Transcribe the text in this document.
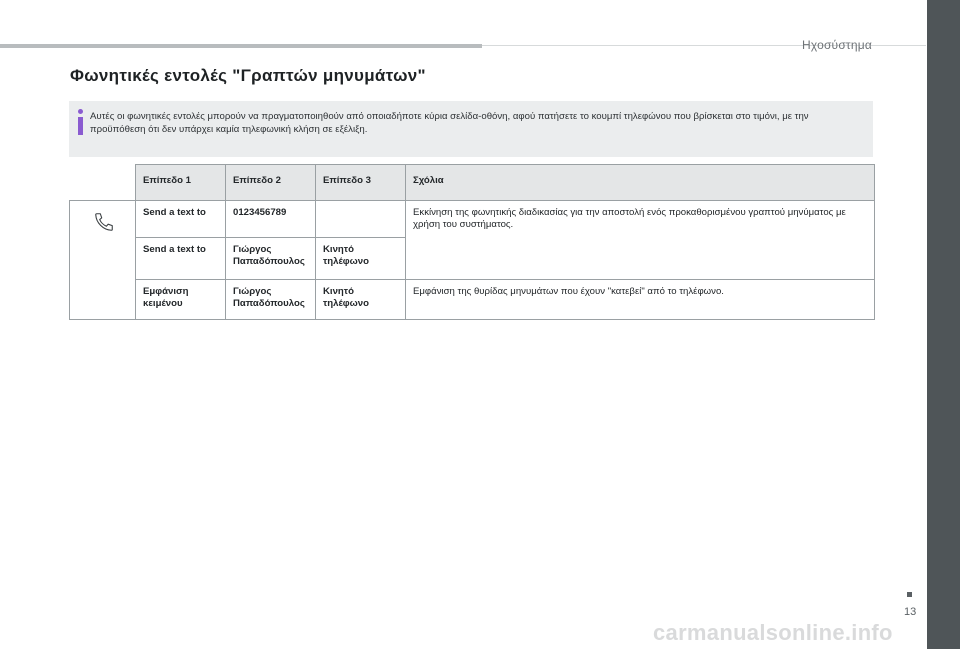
Ηχοσύστημα
Φωνητικές εντολές "Γραπτών μηνυμάτων"
Αυτές οι φωνητικές εντολές μπορούν να πραγματοποιηθούν από οποιαδήποτε κύρια σελίδα-οθόνη, αφού πατήσετε το κουμπί τηλεφώνου που βρίσκεται στο τιμόνι, με την προϋπόθεση ότι δεν υπάρχει καμία τηλεφωνική κλήση σε εξέλιξη.
	Επίπεδο 1	Επίπεδο 2	Επίπεδο 3	Σχόλια

	Send a text to	0123456789		Εκκίνηση της φωνητικής διαδικασίας για την αποστολή ενός προκαθορισμένου γραπτού μηνύματος με χρήση του συστήματος.
	Send a text to	Γιώργος Παπαδόπουλος	Κινητό τηλέφωνο	
	Εμφάνιση κειμένου	Γιώργος Παπαδόπουλος	Κινητό τηλέφωνο	Εμφάνιση της θυρίδας μηνυμάτων που έχουν "κατεβεί" από το τηλέφωνο.
13
carmanualsonline.info
